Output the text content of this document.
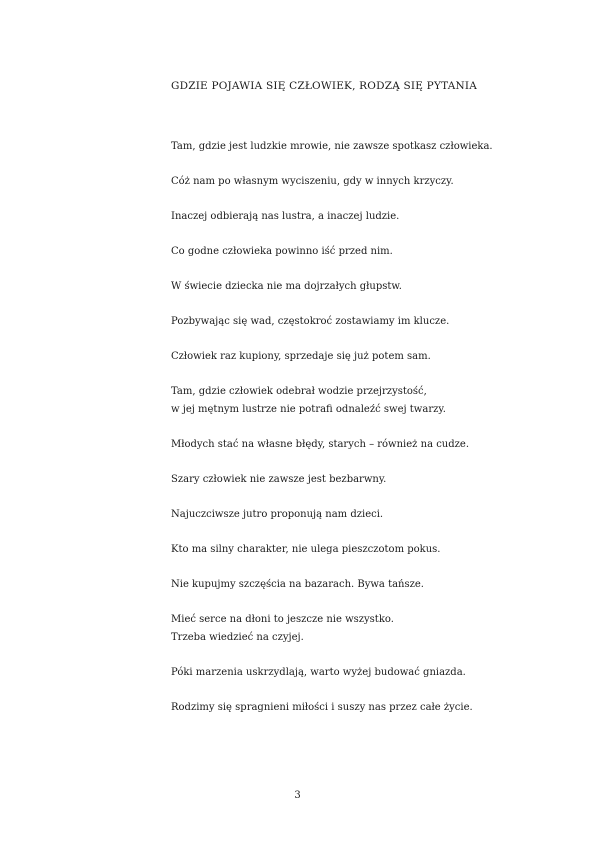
GDZIE POJAWIA SIĘ CZŁOWIEK, RODZĄ SIĘ PYTANIA
Tam, gdzie jest ludzkie mrowie, nie zawsze spotkasz człowieka.
Cóż nam po własnym wyciszeniu, gdy w innych krzyczy.
Inaczej odbierają nas lustra, a inaczej ludzie.
Co godne człowieka powinno iść przed nim.
W świecie dziecka nie ma dojrzałych głupstw.
Pozbywając się wad, częstokroć zostawiamy im klucze.
Człowiek raz kupiony, sprzedaje się już potem sam.
Tam, gdzie człowiek odebrał wodzie przejrzystość,
w jej mętnym lustrze nie potrafi odnaleźć swej twarzy.
Młodych stać na własne błędy, starych – również na cudze.
Szary człowiek nie zawsze jest bezbarwny.
Najuczciwsze jutro proponują nam dzieci.
Kto ma silny charakter, nie ulega pieszczotom pokus.
Nie kupujmy szczęścia na bazarach. Bywa tańsze.
Mieć serce na dłoni to jeszcze nie wszystko.
Trzeba wiedzieć na czyjej.
Póki marzenia uskrzydlają, warto wyżej budować gniazda.
Rodzimy się spragnieni miłości i suszy nas przez całe życie.
3
